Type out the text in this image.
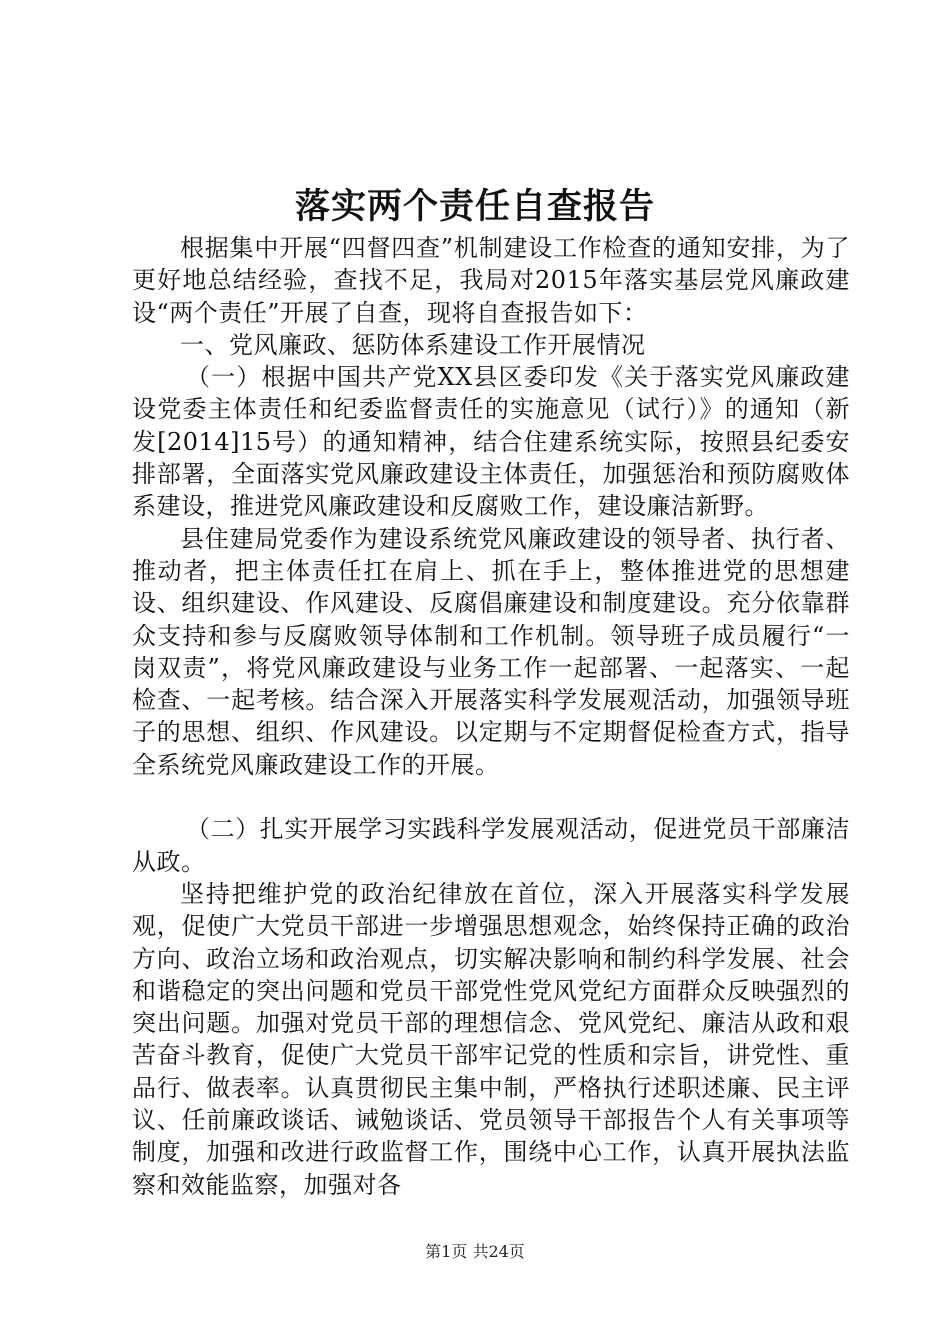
落实两个责任自查报告

根据集中开展“四督四查”机制建设工作检查的通知安排，为了更好地总结经验，查找不足，我局对2015年落实基层党风廉政建设“两个责任”开展了自查，现将自查报告如下：

一、党风廉政、惩防体系建设工作开展情况

（一）根据中国共产党XX县区委印发《关于落实党风廉政建设党委主体责任和纪委监督责任的实施意见（试行）》的通知（新发[2014]15号）的通知精神，结合住建系统实际，按照县纪委安排部署，全面落实党风廉政建设主体责任，加强惩治和预防腐败体系建设，推进党风廉政建设和反腐败工作，建设廉洁新野。

县住建局党委作为建设系统党风廉政建设的领导者、执行者、推动者，把主体责任扛在肩上、抓在手上，整体推进党的思想建设、组织建设、作风建设、反腐倡廉建设和制度建设。充分依靠群众支持和参与反腐败领导体制和工作机制。领导班子成员履行“一岗双责”，将党风廉政建设与业务工作一起部署、一起落实、一起检查、一起考核。结合深入开展落实科学发展观活动，加强领导班子的思想、组织、作风建设。以定期与不定期督促检查方式，指导全系统党风廉政建设工作的开展。

（二）扎实开展学习实践科学发展观活动，促进党员干部廉洁从政。

坚持把维护党的政治纪律放在首位，深入开展落实科学发展观，促使广大党员干部进一步增强思想观念，始终保持正确的政治方向、政治立场和政治观点，切实解决影响和制约科学发展、社会和谐稳定的突出问题和党员干部党性党风党纪方面群众反映强烈的突出问题。加强对党员干部的理想信念、党风党纪、廉洁从政和艰苦奋斗教育，促使广大党员干部牢记党的性质和宗旨，讲党性、重品行、做表率。认真贯彻民主集中制，严格执行述职述廉、民主评议、任前廉政谈话、诫勉谈话、党员领导干部报告个人有关事项等制度，加强和改进行政监督工作，围绕中心工作，认真开展执法监察和效能监察，加强对各

第1页 共24页
